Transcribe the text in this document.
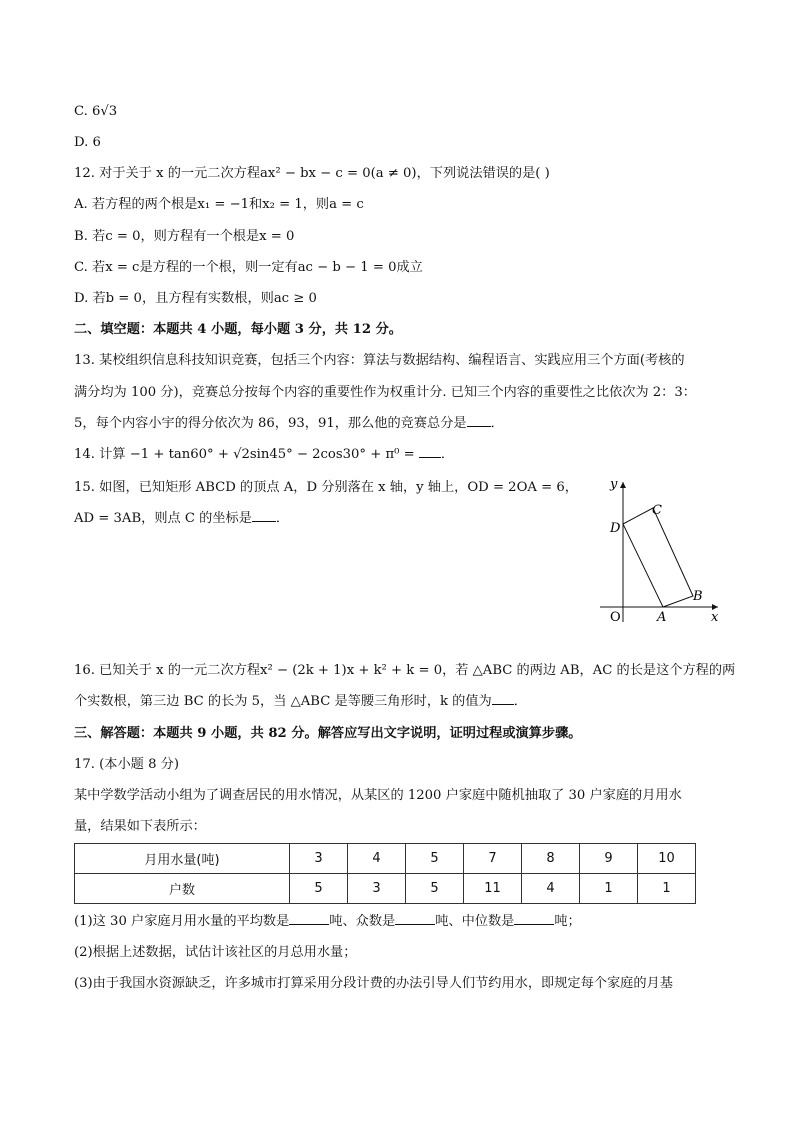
C. 6√3
D. 6
12. 对于关于 x 的一元二次方程ax² − bx − c = 0(a ≠ 0)，下列说法错误的是( )
A. 若方程的两个根是x₁ = −1和x₂ = 1，则a = c
B. 若c = 0，则方程有一个根是x = 0
C. 若x = c是方程的一个根，则一定有ac − b − 1 = 0成立
D. 若b = 0，且方程有实数根，则ac ≥ 0
二、填空题：本题共 4 小题，每小题 3 分，共 12 分。
13. 某校组织信息科技知识竞赛，包括三个内容：算法与数据结构、编程语言、实践应用三个方面(考核的
满分均为 100 分)，竞赛总分按每个内容的重要性作为权重计分. 已知三个内容的重要性之比依次为 2：3：
5，每个内容小宇的得分依次为 86，93，91，那么他的竞赛总分是 ．
14. 计算 −1 + tan60° + √2sin45° − 2cos30° + π⁰ = ．
15. 如图，已知矩形 ABCD 的顶点 A，D 分别落在 x 轴，y 轴上，OD = 2OA = 6，
AD = 3AB，则点 C 的坐标是 ．
y
x
O	A
B
C
D
16. 已知关于 x 的一元二次方程x² − (2k + 1)x + k² + k = 0，若 △ABC 的两边 AB，AC 的长是这个方程的两
个实数根，第三边 BC 的长为 5，当 △ABC 是等腰三角形时，k 的值为 ．
三、解答题：本题共 9 小题，共 82 分。解答应写出文字说明，证明过程或演算步骤。
17. (本小题 8 分)
某中学数学活动小组为了调查居民的用水情况，从某区的 1200 户家庭中随机抽取了 30 户家庭的月用水
量，结果如下表所示：
月用水量(吨)	3	4	5	7	8	9	10
户数	5	3	5	11	4	1	1
(1)这 30 户家庭月用水量的平均数是	吨、众数是	吨、中位数是	吨；
(2)根据上述数据，试估计该社区的月总用水量；
(3)由于我国水资源缺乏，许多城市打算采用分段计费的办法引导人们节约用水，即规定每个家庭的月基
